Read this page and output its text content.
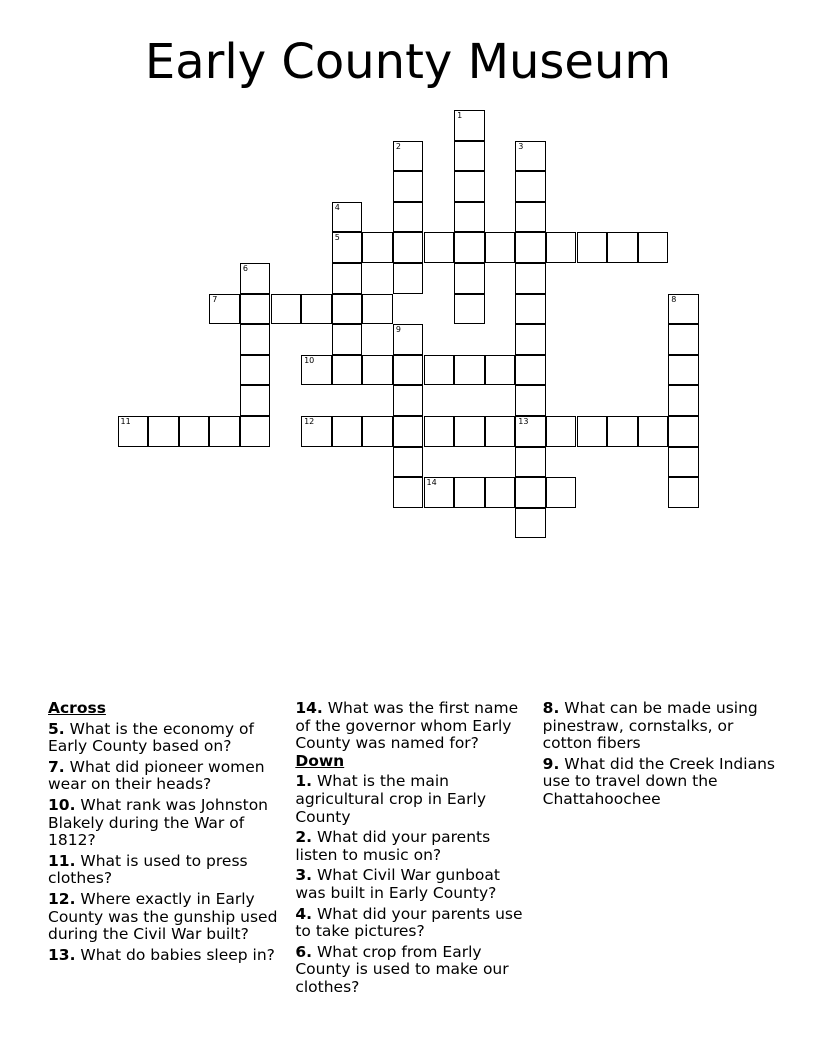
Early County Museum
1
2	3
13
4
5
6
7	8
9
10
11	12
14
Across
5. What is the economy of Early County based on?
7. What did pioneer women wear on their heads?
10. What rank was Johnston Blakely during the War of 1812?
11. What is used to press clothes?
12. Where exactly in Early County was the gunship used during the Civil War built?
13. What do babies sleep in?
14. What was the first name of the governor whom Early County was named for?
Down
1. What is the main agricultural crop in Early County
2. What did your parents listen to music on?
3. What Civil War gunboat was built in Early County?
4. What did your parents use to take pictures?
6. What crop from Early County is used to make our clothes?
8. What can be made using pinestraw, cornstalks, or cotton fibers
9. What did the Creek Indians use to travel down the Chattahoochee
